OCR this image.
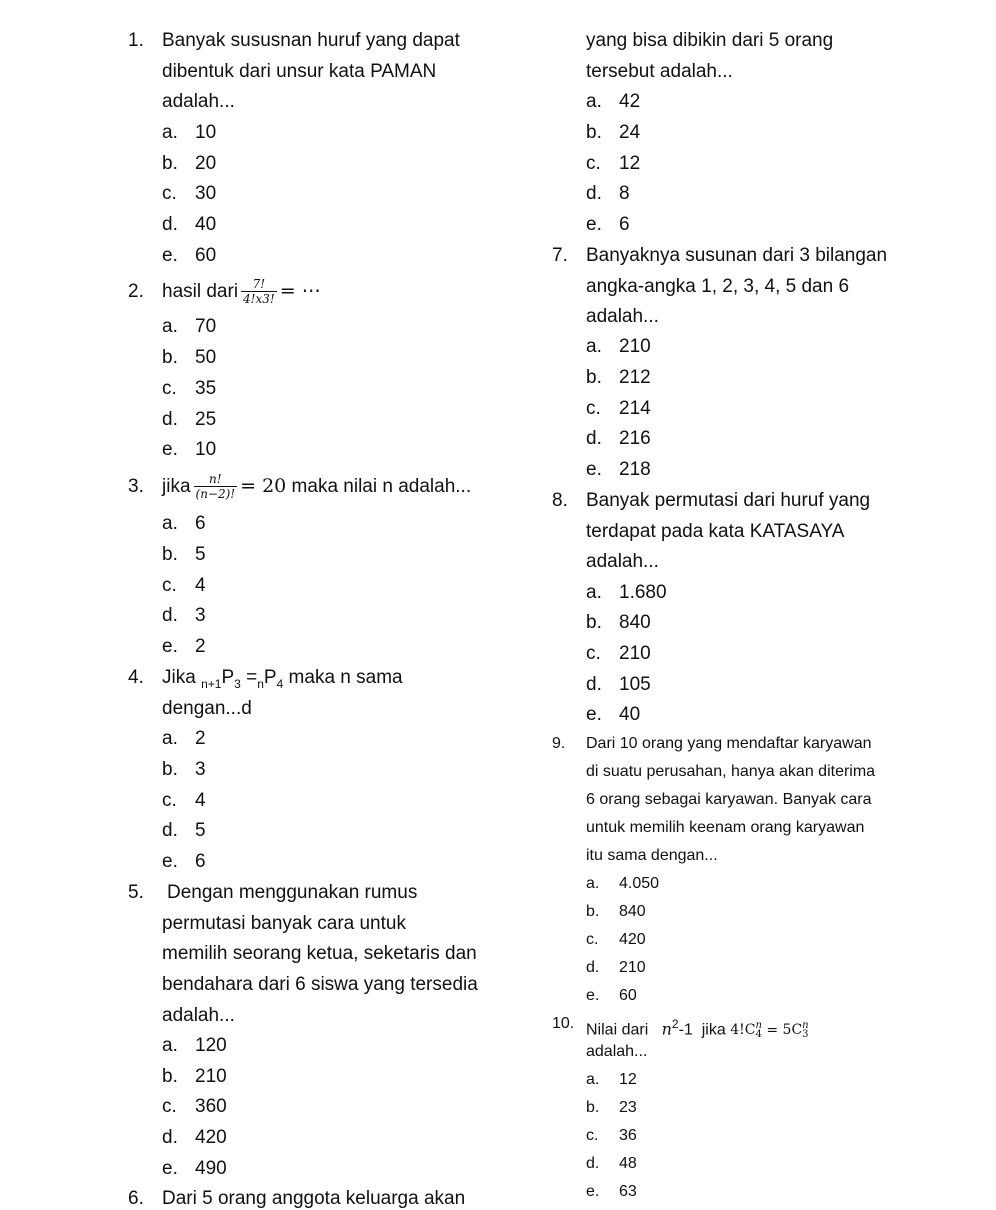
1. Banyak sususnan huruf yang dapat
dibentuk dari unsur kata PAMAN
adalah...
a. 10
b. 20
c. 30
d. 40
e. 60
2. hasil dari $\frac{7!}{4!x3!}$ = ⋯
a. 70
b. 50
c. 35
d. 25
e. 10
3. jika $\frac{n!}{(n-2)!} = 20$ maka nilai n adalah...
a. 6
b. 5
c. 4
d. 3
e. 2
4. Jika $_{n+1}P_3 =_nP_4$ maka n sama
dengan...d
a. 2
b. 3
c. 4
d. 5
e. 6
5. Dengan menggunakan rumus
permutasi banyak cara untuk
memilih seorang ketua, seketaris dan
bendahara dari 6 siswa yang tersedia
adalah...
a. 120
b. 210
c. 360
d. 420
e. 490
6. Dari 5 orang anggota keluarga akan
yang bisa dibikin dari 5 orang
tersebut adalah...
a. 42
b. 24
c. 12
d. 8
e. 6
7. Banyaknya susunan dari 3 bilangan
angka-angka 1, 2, 3, 4, 5 dan 6
adalah...
a. 210
b. 212
c. 214
d. 216
e. 218
8. Banyak permutasi dari huruf yang
terdapat pada kata KATASAYA
adalah...
a. 1.680
b. 840
c. 210
d. 105
e. 40
9. Dari 10 orang yang mendaftar karyawan
di suatu perusahan, hanya akan diterima
6 orang sebagai karyawan. Banyak cara
untuk memilih keenam orang karyawan
itu sama dengan...
a. 4.050
b. 840
c. 420
d. 210
e. 60
10. Nilai dari $n^2-1$ jika 4!C n
4 = 5C n
3
adalah...
a. 12
b. 23
c. 36
d. 48
e. 63
